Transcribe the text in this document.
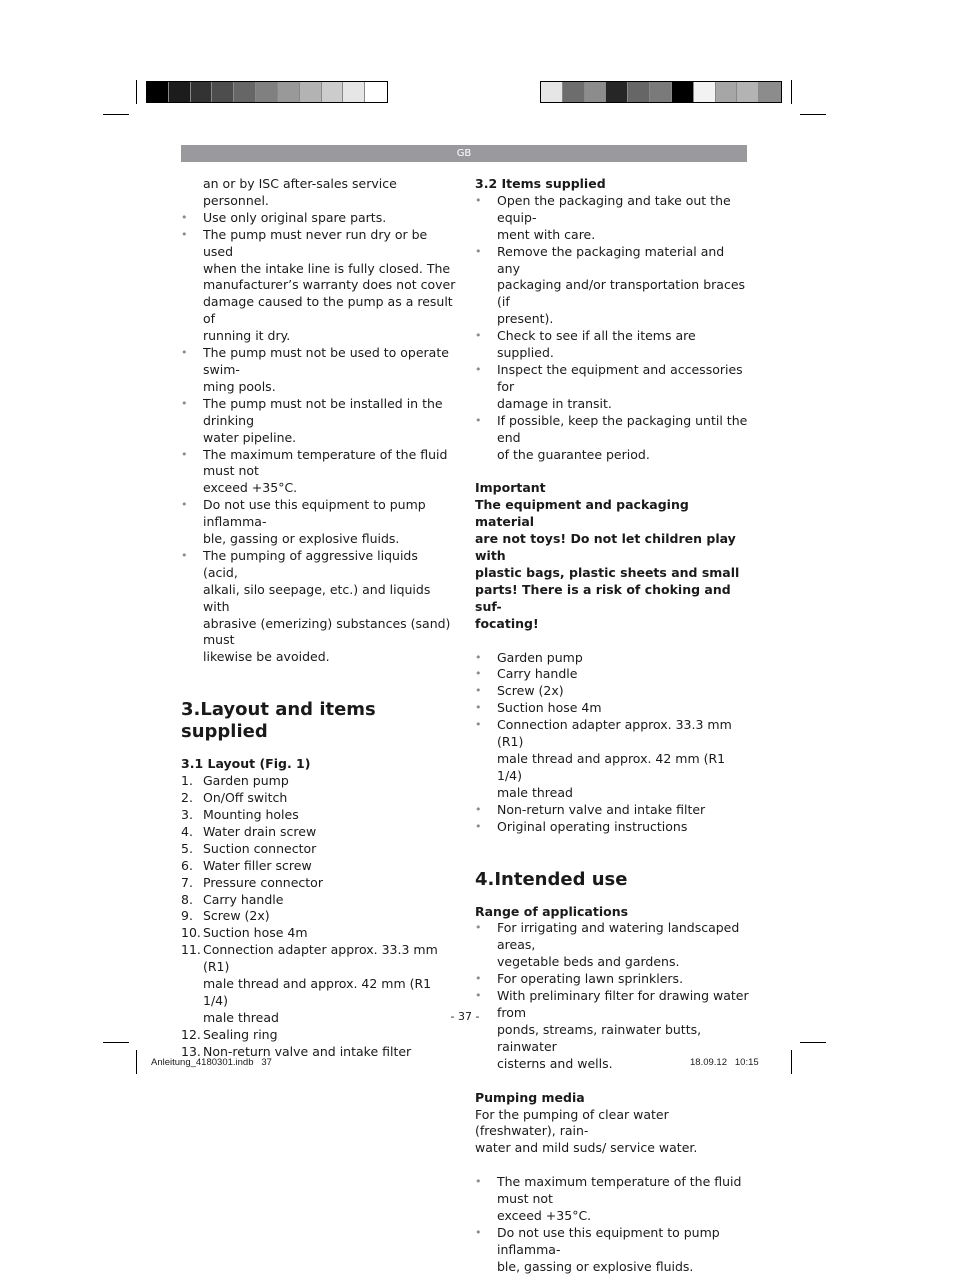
GB
an or by ISC after-sales service personnel.
• Use only original spare parts.
• The pump must never run dry or be used
when the intake line is fully closed. The
manufacturer’s warranty does not cover
damage caused to the pump as a result of
running it dry.
• The pump must not be used to operate swim-
ming pools.
• The pump must not be installed in the drinking
water pipeline.
• The maximum temperature of the fluid must not
exceed +35°C.
• Do not use this equipment to pump inflamma-
ble, gassing or explosive fluids.
• The pumping of aggressive liquids (acid,
alkali, silo seepage, etc.) and liquids with
abrasive (emerizing) substances (sand) must
likewise be avoided.
3.Layout and items supplied
3.1 Layout (Fig. 1)
1. Garden pump
2. On/Off switch
3. Mounting holes
4. Water drain screw
5. Suction connector
6. Water filler screw
7. Pressure connector
8. Carry handle
9. Screw (2x)
10. Suction hose 4m
11. Connection adapter approx. 33.3 mm (R1)
male thread and approx. 42 mm (R1 1/4)
male thread
12. Sealing ring
13. Non-return valve and intake filter
3.2 Items supplied
• Open the packaging and take out the equip-
ment with care.
• Remove the packaging material and any
packaging and/or transportation braces (if
present).
• Check to see if all the items are supplied.
• Inspect the equipment and accessories for
damage in transit.
• If possible, keep the packaging until the end
of the guarantee period.
Important
The equipment and packaging material
are not toys! Do not let children play with
plastic bags, plastic sheets and small
parts! There is a risk of choking and suf-
focating!
• Garden pump
• Carry handle
• Screw (2x)
• Suction hose 4m
• Connection adapter approx. 33.3 mm (R1)
male thread and approx. 42 mm (R1 1/4)
male thread
• Non-return valve and intake filter
• Original operating instructions
4.Intended use
Range of applications
• For irrigating and watering landscaped areas,
vegetable beds and gardens.
• For operating lawn sprinklers.
• With preliminary filter for drawing water from
ponds, streams, rainwater butts, rainwater
cisterns and wells.
Pumping media
For the pumping of clear water (freshwater), rain-
water and mild suds/ service water.
• The maximum temperature of the fluid must not
exceed +35°C.
• Do not use this equipment to pump inflamma-
ble, gassing or explosive fluids.
- 37 -
Anleitung_4180301.indb   37	18.09.12   10:15
